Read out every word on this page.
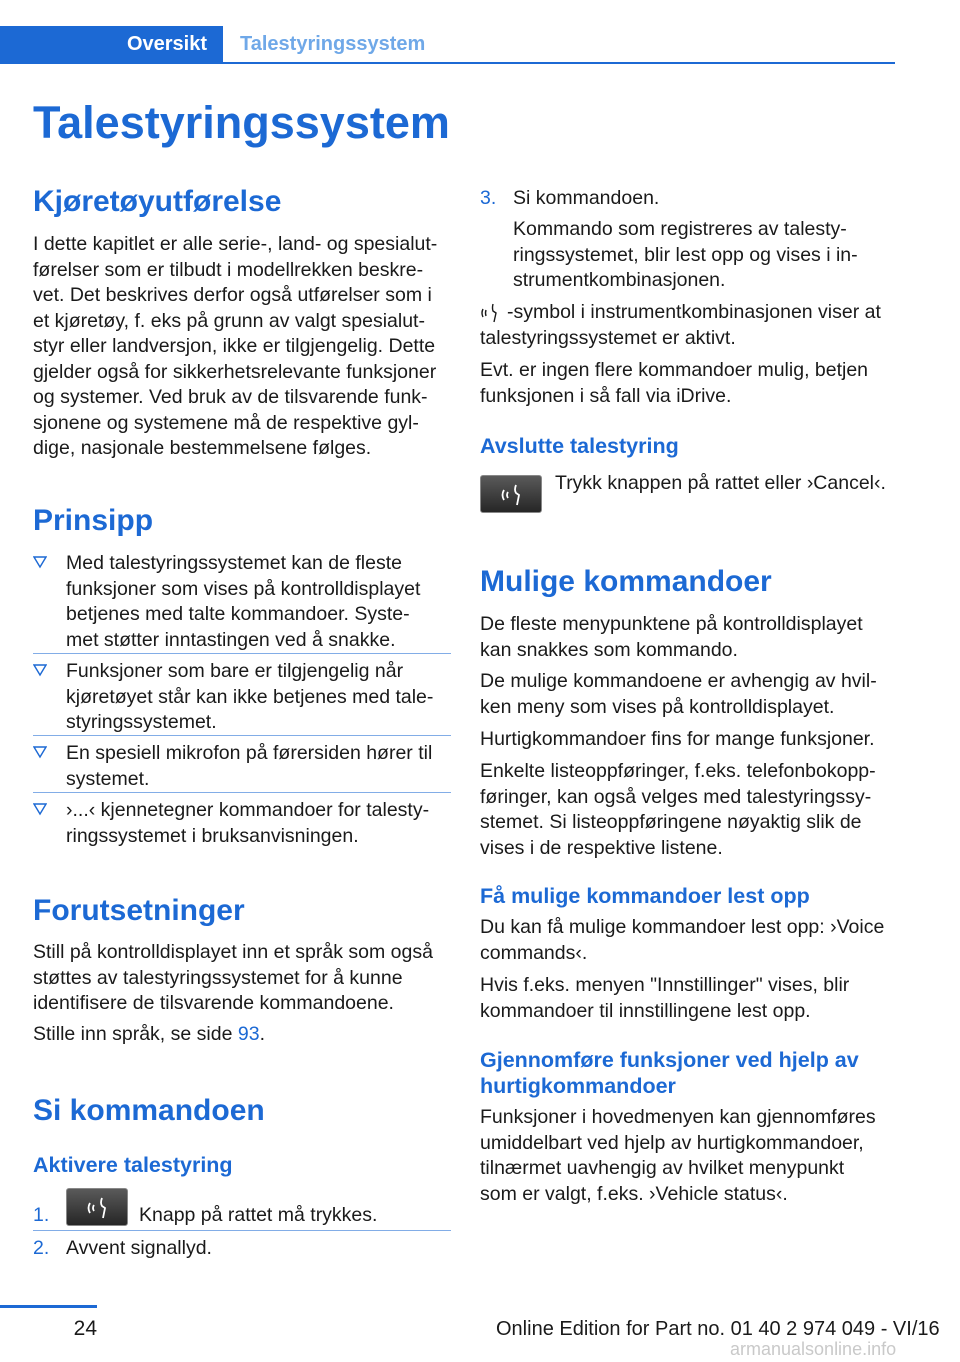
Oversikt	Talestyringssystem
Talestyringssystem
Kjøretøyutførelse

I dette kapitlet er alle serie-, land- og spesialut‐
førelser som er tilbudt i modellrekken beskre‐
vet. Det beskrives derfor også utførelser som i
et kjøretøy, f. eks på grunn av valgt spesialut‐
styr eller landversjon, ikke er tilgjengelig. Dette
gjelder også for sikkerhetsrelevante funksjoner
og systemer. Ved bruk av de tilsvarende funk‐
sjonene og systemene må de respektive gyl‐
dige, nasjonale bestemmelsene følges.

Prinsipp

Med talestyringssystemet kan de fleste
funksjoner som vises på kontrolldisplayet
betjenes med talte kommandoer. Syste‐
met støtter inntastingen ved å snakke.

Funksjoner som bare er tilgjengelig når
kjøretøyet står kan ikke betjenes med tale‐
styringssystemet.

En spesiell mikrofon på førersiden hører til
systemet.

›...‹ kjennetegner kommandoer for talesty‐
ringssystemet i bruksanvisningen.

Forutsetninger

Still på kontrolldisplayet inn et språk som også
støttes av talestyringssystemet for å kunne
identifisere de tilsvarende kommandoene.

Stille inn språk, se side 93.

Si kommandoen
Aktivere talestyring
1.	Knapp på rattet må trykkes.

2. Avvent signallyd.

3. Si kommandoen.

Kommando som registreres av talesty‐
ringssystemet, blir lest opp og vises i in‐
strumentkombinasjonen.

-symbol i instrumentkombinasjonen viser at
talestyringssystemet er aktivt.

Evt. er ingen flere kommandoer mulig, betjen
funksjonen i så fall via iDrive.

Avslutte talestyring

Trykk knappen på rattet eller ›Cancel‹.

Mulige kommandoer

De fleste menypunktene på kontrolldisplayet
kan snakkes som kommando.

De mulige kommandoene er avhengig av hvil‐
ken meny som vises på kontrolldisplayet.

Hurtigkommandoer fins for mange funksjoner.

Enkelte listeoppføringer, f.eks. telefonbokopp‐
føringer, kan også velges med talestyringssy‐
stemet. Si listeoppføringene nøyaktig slik de
vises i de respektive listene.

Få mulige kommandoer lest opp

Du kan få mulige kommandoer lest opp: ›Voice
commands‹.

Hvis f.eks. menyen "Innstillinger" vises, blir
kommandoer til innstillingene lest opp.

Gjennomføre funksjoner ved hjelp av
hurtigkommandoer

Funksjoner i hovedmenyen kan gjennomføres
umiddelbart ved hjelp av hurtigkommandoer,
tilnærmet uavhengig av hvilket menypunkt
som er valgt, f.eks. ›Vehicle status‹.

24	Online Edition for Part no. 01 40 2 974 049 - VI/16
armanualsonline.info
